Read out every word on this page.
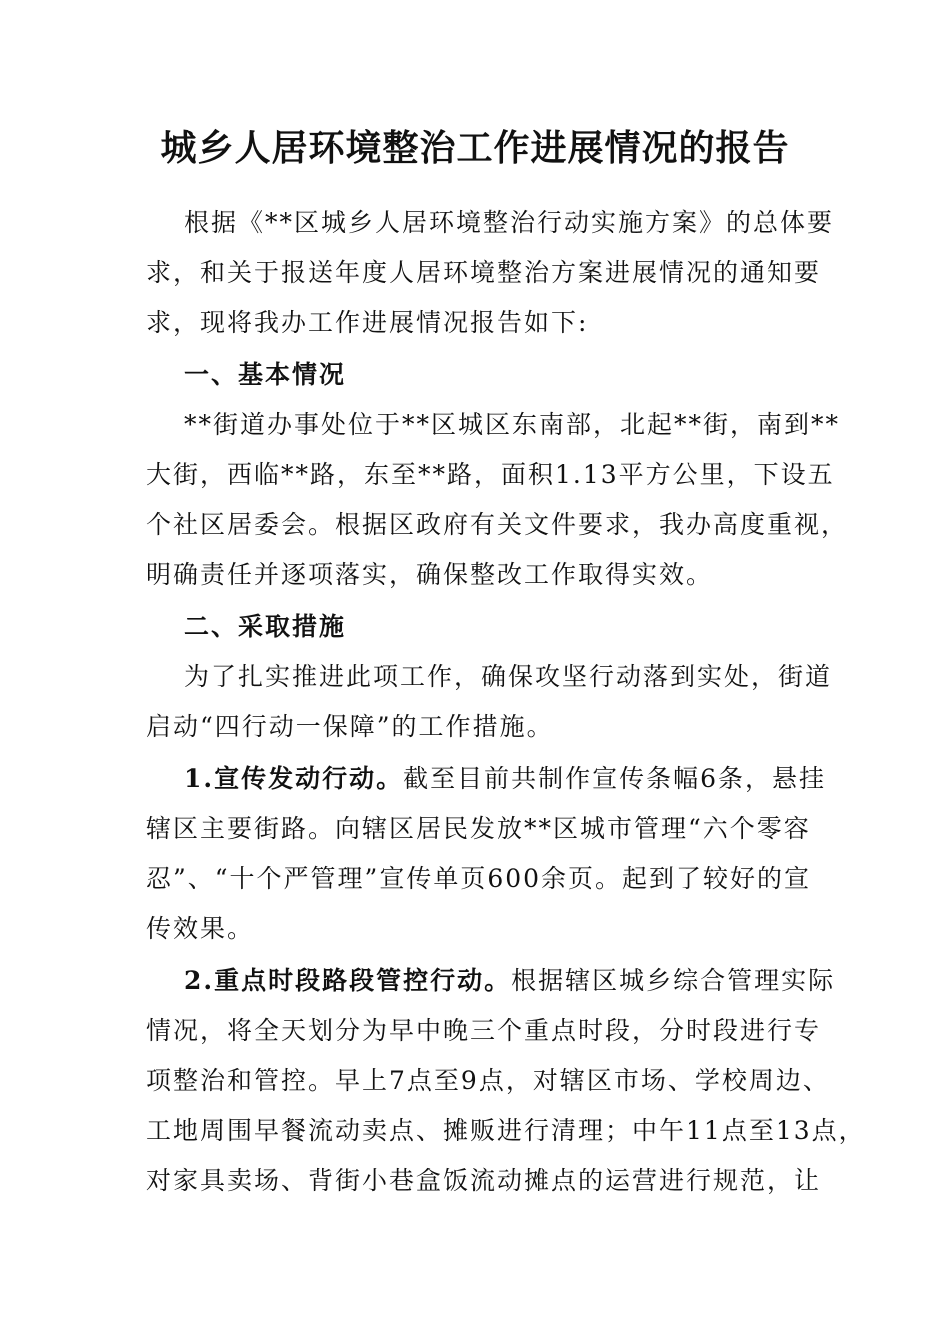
城乡人居环境整治工作进展情况的报告

根据《**区城乡人居环境整治行动实施方案》的总体要

求，和关于报送年度人居环境整治方案进展情况的通知要

求，现将我办工作进展情况报告如下:

一、基本情况

**街道办事处位于**区城区东南部，北起**街，南到**

大街，西临**路，东至**路，面积1.13平方公里，下设五

个社区居委会。根据区政府有关文件要求，我办高度重视，

明确责任并逐项落实，确保整改工作取得实效。

二、采取措施

为了扎实推进此项工作，确保攻坚行动落到实处，街道

启动“四行动一保障”的工作措施。

1.宣传发动行动。截至目前共制作宣传条幅6条，悬挂

辖区主要街路。向辖区居民发放**区城市管理“六个零容

忍”、“十个严管理”宣传单页600余页。起到了较好的宣

传效果。

2.重点时段路段管控行动。根据辖区城乡综合管理实际

情况，将全天划分为早中晚三个重点时段，分时段进行专

项整治和管控。早上7点至9点，对辖区市场、学校周边、

工地周围早餐流动卖点、摊贩进行清理；中午11点至13点，

对家具卖场、背街小巷盒饭流动摊点的运营进行规范，让
